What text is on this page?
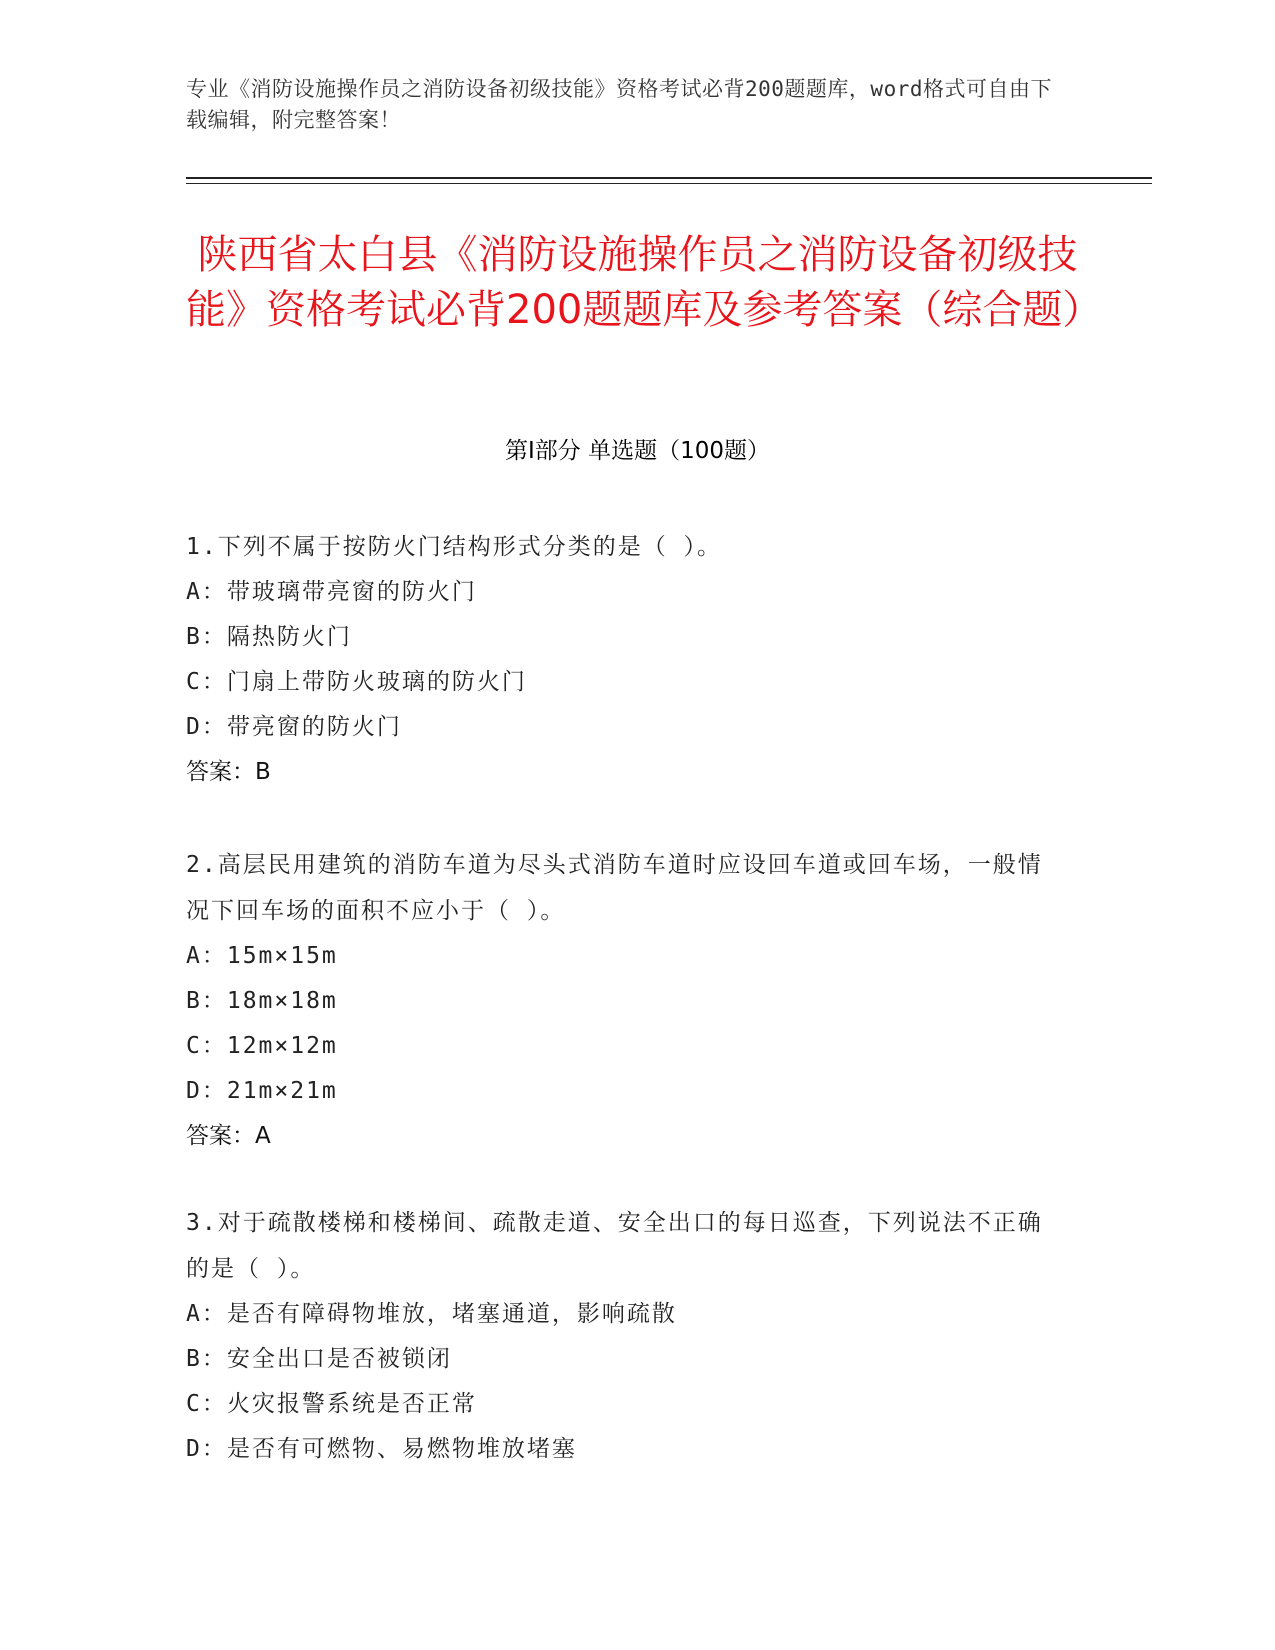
专业《消防设施操作员之消防设备初级技能》资格考试必背200题题库，word格式可自由下载编辑，附完整答案！
陕西省太白县《消防设施操作员之消防设备初级技能》资格考试必背200题题库及参考答案（综合题）
第I部分 单选题（100题）
1.下列不属于按防火门结构形式分类的是（ ）。
A：带玻璃带亮窗的防火门
B：隔热防火门
C：门扇上带防火玻璃的防火门
D：带亮窗的防火门
答案：B
2.高层民用建筑的消防车道为尽头式消防车道时应设回车道或回车场，一般情况下回车场的面积不应小于（ ）。
A：15m×15m
B：18m×18m
C：12m×12m
D：21m×21m
答案：A
3.对于疏散楼梯和楼梯间、疏散走道、安全出口的每日巡查，下列说法不正确的是（ ）。
A：是否有障碍物堆放，堵塞通道，影响疏散
B：安全出口是否被锁闭
C：火灾报警系统是否正常
D：是否有可燃物、易燃物堆放堵塞
